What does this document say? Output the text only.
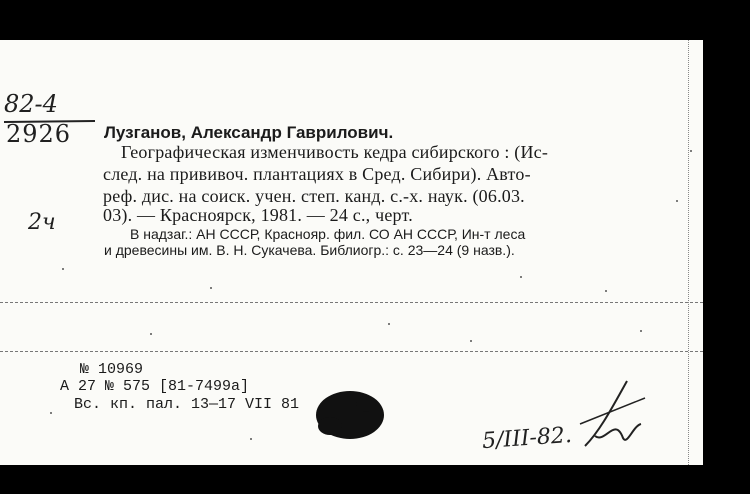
82-4
2926
2ч
Лузганов, Александр Гаврилович.
Географическая изменчивость кедра сибирского : (Ис-
след. на прививоч. плантациях в Сред. Сибири). Авто-
реф. дис. на соиск. учен. степ. канд. с.-х. наук. (06.03.
03). — Красноярск, 1981. — 24 с., черт.
В надзаг.: АН СССР, Краснояр. фил. СО АН СССР, Ин-т леса
и древесины им. В. Н. Сукачева. Библиогр.: с. 23—24 (9 назв.).
№ 10969
А 27 № 575 [81-7499а]
Вс. кп. пал. 13—17 VII 81
5/III-82.
